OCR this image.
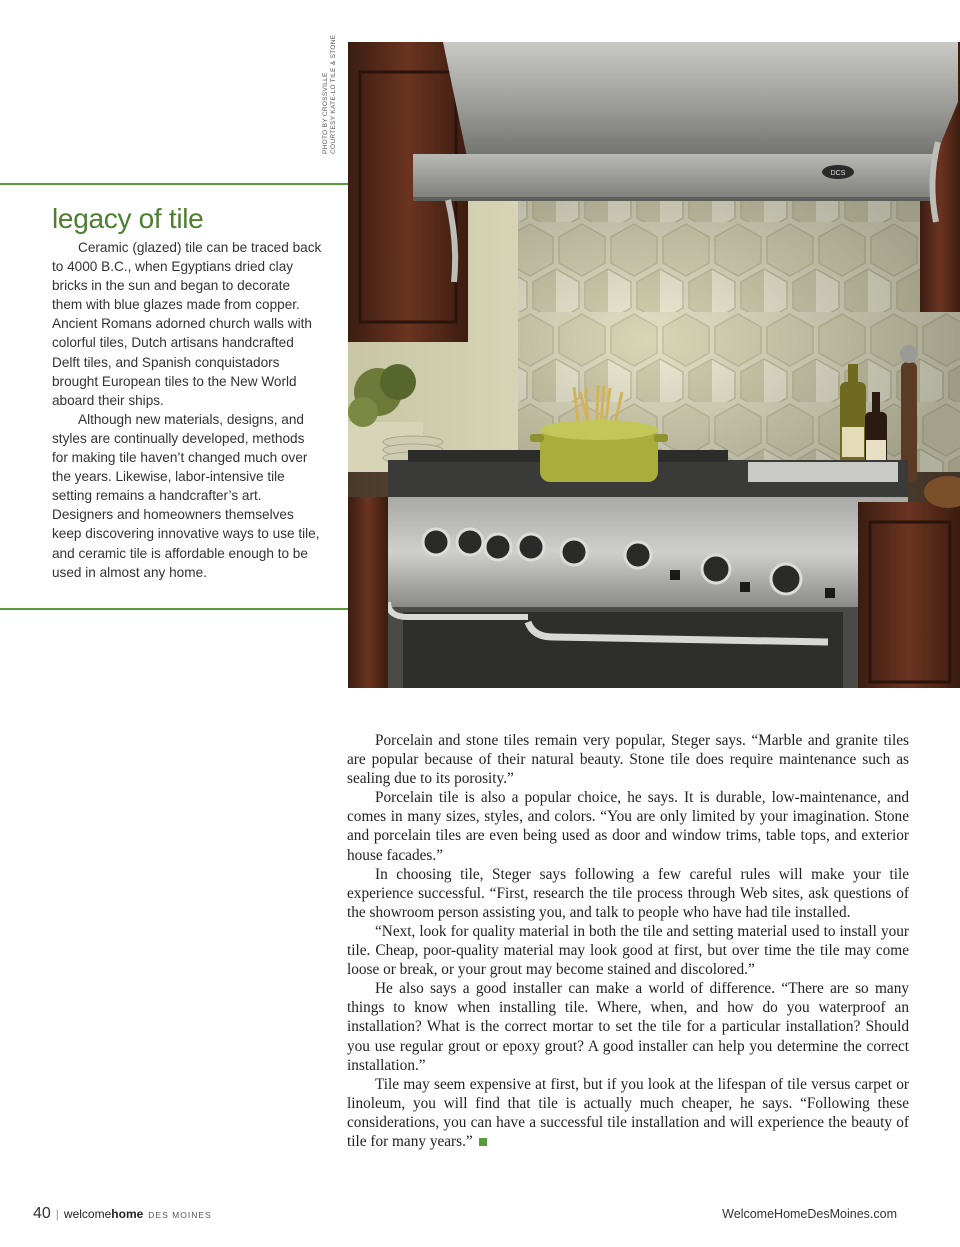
PHOTO BY CROSSVILLE COURTESY KATE-LO TILE & STONE
DCS
legacy of tile

Ceramic (glazed) tile can be traced back to 4000 B.C., when Egyptians dried clay bricks in the sun and began to decorate them with blue glazes made from copper. Ancient Romans adorned church walls with colorful tiles, Dutch artisans handcrafted Delft tiles, and Spanish conquistadors brought European tiles to the New World aboard their ships.

Although new materials, designs, and styles are continually developed, methods for making tile haven’t changed much over the years. Likewise, labor-intensive tile setting remains a handcrafter’s art. Designers and homeowners themselves keep discovering innovative ways to use tile, and ceramic tile is affordable enough to be used in almost any home.

Porcelain and stone tiles remain very popular, Steger says. “Marble and granite tiles are popular because of their natural beauty. Stone tile does require maintenance such as sealing due to its porosity.”

Porcelain tile is also a popular choice, he says. It is durable, low-maintenance, and comes in many sizes, styles, and colors. “You are only limited by your imagination. Stone and porcelain tiles are even being used as door and window trims, table tops, and exterior house facades.”

In choosing tile, Steger says following a few careful rules will make your tile experience successful. “First, research the tile process through Web sites, ask questions of the showroom person assisting you, and talk to people who have had tile installed.

“Next, look for quality material in both the tile and setting material used to install your tile. Cheap, poor-quality material may look good at first, but over time the tile may come loose or break, or your grout may become stained and discolored.”

He also says a good installer can make a world of difference. “There are so many things to know when installing tile. Where, when, and how do you waterproof an installation? What is the correct mortar to set the tile for a particular installation? Should you use regular grout or epoxy grout? A good installer can help you determine the correct installation.”

Tile may seem expensive at first, but if you look at the lifespan of tile versus carpet or linoleum, you will find that tile is actually much cheaper, he says. “Following these considerations, you can have a successful tile installation and will experience the beauty of tile for many years.”

40 | welcome home DES MOINES	WelcomeHomeDesMoines.com
